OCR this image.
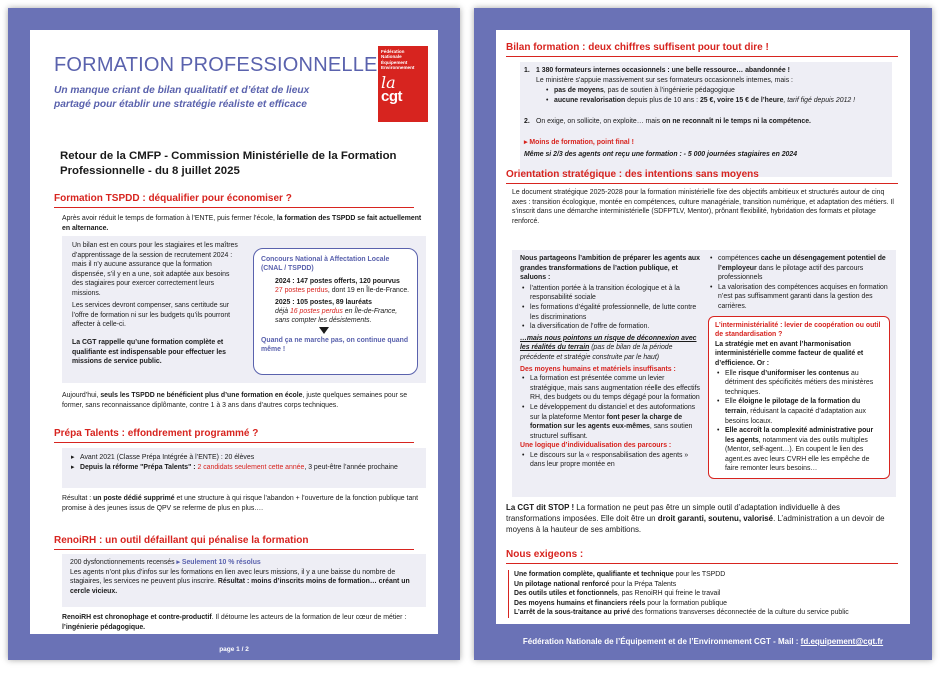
FORMATION PROFESSIONNELLE
Un manque criant de bilan qualitatif et d’état de lieux partagé pour établir une stratégie réaliste et efficace
Fédération Nationale Équipement Environnement
la
cgt
Retour de la CMFP - Commission Ministérielle de la Formation Professionnelle - du 8 juillet 2025
Formation TSPDD : déqualifier pour économiser ?
Après avoir réduit le temps de formation à l’ENTE, puis fermer l’école, la formation des TSPDD se fait actuellement en alternance.
Un bilan est en cours pour les stagiaires et les maîtres d’apprentissage de la session de recrutement 2024 : mais il n’y aucune assurance que la formation dispensée, s’il y en a une, soit adaptée aux besoins des stagiaires pour exercer correctement leurs missions.
Les services devront compenser, sans certitude sur l’offre de formation ni sur les budgets qu’ils pourront affecter à celle-ci.
La CGT rappelle qu’une formation complète et qualifiante est indispensable pour effectuer les missions de service public.
Concours National à Affectation Locale (CNAL / TSPDD)
2024 : 147 postes offerts, 120 pourvus
27 postes perdus, dont 19 en Île-de-France.
2025 : 105 postes, 89 lauréats
déjà 16 postes perdus en Île-de-France, sans compter les désistements.
Quand ça ne marche pas, on continue quand même !
Aujourd’hui, seuls les TSPDD ne bénéficient plus d’une formation en école, juste quelques semaines pour se former, sans reconnaissance diplômante, contre 1 à 3 ans dans d’autres corps techniques.
Prépa Talents : effondrement programmé ?
▸ Avant 2021 (Classe Prépa Intégrée à l’ENTE) : 20 élèves
▸ Depuis la réforme "Prépa Talents" : 2 candidats seulement cette année, 3 peut-être l’année prochaine
Résultat : un poste dédié supprimé et une structure à qui risque l’abandon + l’ouverture de la fonction publique tant promise à des jeunes issus de QPV se referme de plus en plus….
RenoiRH : un outil défaillant qui pénalise la formation
200 dysfonctionnements recensés ▸ Seulement 10 % résolus
Les agents n’ont plus d’infos sur les formations en lien avec leurs missions, il y a une baisse du nombre de stagiaires, les services ne peuvent plus inscrire. Résultat : moins d’inscrits moins de formation… créant un cercle vicieux.
RenoiRH est chronophage et contre-productif. Il détourne les acteurs de la formation de leur cœur de métier : l’ingénierie pédagogique.
page 1 / 2
Bilan formation : deux chiffres suffisent pour tout dire !
1. 1 380 formateurs internes occasionnels : une belle ressource… abandonnée !
Le ministère s’appuie massivement sur ses formateurs occasionnels internes, mais :
• pas de moyens, pas de soutien à l’ingénierie pédagogique
• aucune revalorisation depuis plus de 10 ans : 25 €, voire 15 € de l’heure, tarif figé depuis 2012 !
2. On exige, on sollicite, on exploite… mais on ne reconnaît ni le temps ni la compétence.
▸ Moins de formation, point final !
Même si 2/3 des agents ont reçu une formation : - 5 000 journées stagiaires en 2024
Orientation stratégique : des intentions sans moyens
Le document stratégique 2025-2028 pour la formation ministérielle fixe des objectifs ambitieux et structurés autour de cinq axes : transition écologique, montée en compétences, culture managériale, transition numérique, et adaptation des métiers. Il s’inscrit dans une démarche interministérielle (SDFPTLV, Mentor), prônant flexibilité, hybridation des formats et pilotage renforcé.
Nous partageons l’ambition de préparer les agents aux grandes transformations de l’action publique, et saluons :
• l’attention portée à la transition écologique et à la responsabilité sociale
• les formations d’égalité professionnelle, de lutte contre les discriminations
• la diversification de l’offre de formation.
…mais nous pointons un risque de déconnexion avec les réalités du terrain (pas de bilan de la période précédente et stratégie construite par le haut)
Des moyens humains et matériels insuffisants :
• La formation est présentée comme un levier stratégique, mais sans augmentation réelle des effectifs RH, des budgets ou du temps dégagé pour la formation
• Le développement du distanciel et des autoformations sur la plateforme Mentor font peser la charge de formation sur les agents eux-mêmes, sans soutien structurel suffisant.
Une logique d’individualisation des parcours :
• Le discours sur la « responsabilisation des agents » dans leur propre montée en
• compétences cache un désengagement potentiel de l’employeur dans le pilotage actif des parcours professionnels
• La valorisation des compétences acquises en formation n’est pas suffisamment garanti dans la gestion des carrières.
L’interministérialité : levier de coopération ou outil de standardisation ?
La stratégie met en avant l’harmonisation interministérielle comme facteur de qualité et d’efficience. Or :
• Elle risque d’uniformiser les contenus au détriment des spécificités métiers des ministères techniques.
• Elle éloigne le pilotage de la formation du terrain, réduisant la capacité d’adaptation aux besoins locaux.
• Elle accroît la complexité administrative pour les agents, notamment via des outils multiples (Mentor, self-agent…). En coupent le lien des agent.es avec leurs CVRH elle les empêche de faire remonter leurs besoins…
La CGT dit STOP ! La formation ne peut pas être un simple outil d’adaptation individuelle à des transformations imposées. Elle doit être un droit garanti, soutenu, valorisé. L’administration a un devoir de moyens à la hauteur de ses ambitions.
Nous exigeons :
Une formation complète, qualifiante et technique pour les TSPDD
Un pilotage national renforcé pour la Prépa Talents
Des outils utiles et fonctionnels, pas RenoiRH qui freine le travail
Des moyens humains et financiers réels pour la formation publique
L’arrêt de la sous-traitance au privé des formations transverses déconnectée de la culture du service public
Fédération Nationale de l’Équipement et de l’Environnement CGT - Mail : fd.equipement@cgt.fr
